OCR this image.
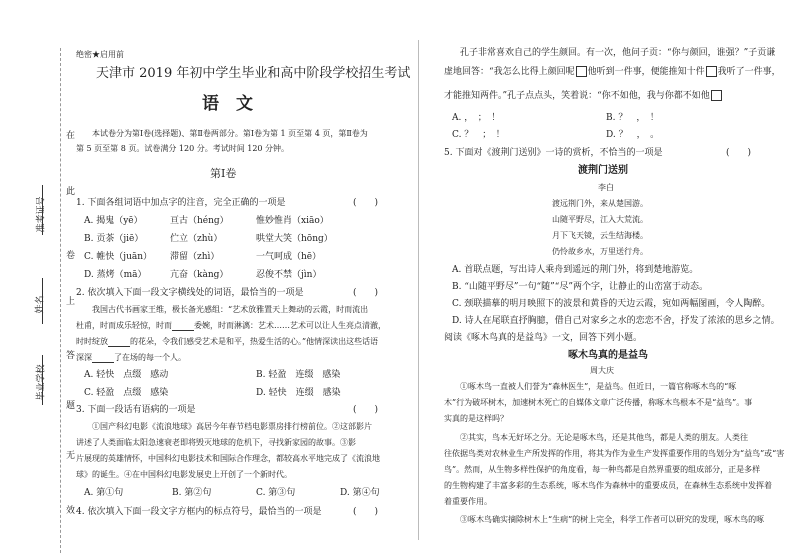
在
此
卷
上
答
题
无
效
准考证号
姓名
毕业学校
绝密★启用前
天津市 2019 年初中学生毕业和高中阶段学校招生考试
语　文
本试卷分为第Ⅰ卷(选择题)、第Ⅱ卷两部分。第Ⅰ卷为第 1 页至第 4 页，第Ⅱ卷为
第 5 页至第 8 页。试卷满分 120 分。考试时间 120 分钟。
第Ⅰ卷
1. 下面各组词语中加点字的注音，完全正确的一项是	(　　)
A. 揭鬼（yē）	亘古（héng）	惟妙惟肖（xiāo）
B. 贡茶（jiē）	伫立（zhù）	哄堂大笑（hōng）
C. 帷快（juān） 滞留（zhì）	一气呵成（hē）
D. 蒸烤（mā）	亢奋（kàng）	忍俊不禁（jìn）
2. 依次填入下面一段文字横线处的词语，最恰当的一项是	(　　)
我国古代书画家王维，极长备光感组：“艺术放雅置天上舞动的云霞，时而流出
杜甫，时而成乐轻惊，时而	委婉，时而淋漓：艺术……艺术可以让人生亮点清澈，
时时绽放	的花朵，令我们感受艺术是和平，热爱生活的心。”他情深读出这些话语
深深	了在场的每一个人。
A. 轻快　点缀　感动	B. 轻盈　连缀　感染
C. 轻盈　点缀　感染	D. 轻快　连缀　感染
3. 下面一段话有语病的一项是	(　　)
①国产科幻电影《流浪地球》高居今年春节档电影票房排行榜前位。②这部影片
讲述了人类面临太阳急速衰老即将毁灭地球的危机下，寻找新家园的故事。③影
片展现的英雄情怀，中国科幻电影技术和国际合作理念，都较高水平地完成了《流浪地
球》的诞生。④在中国科幻电影发展史上开创了一个新时代。
A. 第①句	B. 第②句	C. 第③句	D. 第④句
4. 依次填入下面一段文字方框内的标点符号，最恰当的一项是	(　　)
孔子非常喜欢自己的学生颜回。有一次，他问子贡：“你与颜回，谁强？”子贡谦
虚地回答：“我怎么比得上颜回呢 他听到一件事，便能推知十件 我听了一件事，
才能推知两件。”孔子点点头，笑着说：“你不如他，我与你都不如他
A. ，　；　！	B. ？　，　！
C. ？　；　！	D. ？　，　。
5. 下面对《渡荆门送别》一诗的赏析，不恰当的一项是	(　　)
渡荆门送别
李白
渡远荆门外，来从楚国游。
山随平野尽，江入大荒流。
月下飞天镜，云生结海楼。
仍怜故乡水，万里送行舟。
A. 首联点题，写出诗人乘舟到遥远的荆门外，将到楚地游览。
B. “山随平野尽”一句“随”“尽”两个字，让静止的山峦富于动态。
C. 颈联描摹的明月映照下的波景和黄昏的天边云霞，宛如两幅图画，令人陶醉。
D. 诗人在尾联直抒胸臆，借自己对家乡之水的恋恋不舍，抒发了浓浓的思乡之情。
阅读《啄木鸟真的是益鸟》一文，回答下列小题。
啄木鸟真的是益鸟
周大庆
①啄木鸟一直被人们誉为“森林医生”，是益鸟。但近日，一篇官称啄木鸟的“啄
木”行为破坏树木，加速树木死亡的自媒体文章广泛传播，称啄木鸟根本不是“益鸟”。事
实真的是这样吗？
②其实，鸟本无好坏之分。无论是啄木鸟，还是其他鸟，都是人类的朋友。人类往
往依据鸟类对农林业生产所发挥的作用，将其为作为业生产发挥重要作用的鸟划分为“益鸟”或“害
鸟”。然而，从生物多样性保护的角度看，每一种鸟都是自然界重要的组成部分，正是多样
的生物构建了丰富多彩的生态系统，啄木鸟作为森林中的重要成员，在森林生态系统中发挥着
着重要作用。
③啄木鸟确实摘除树木上“生病”的树上完全，科学工作者可以研究的发现，啄木鸟的啄
